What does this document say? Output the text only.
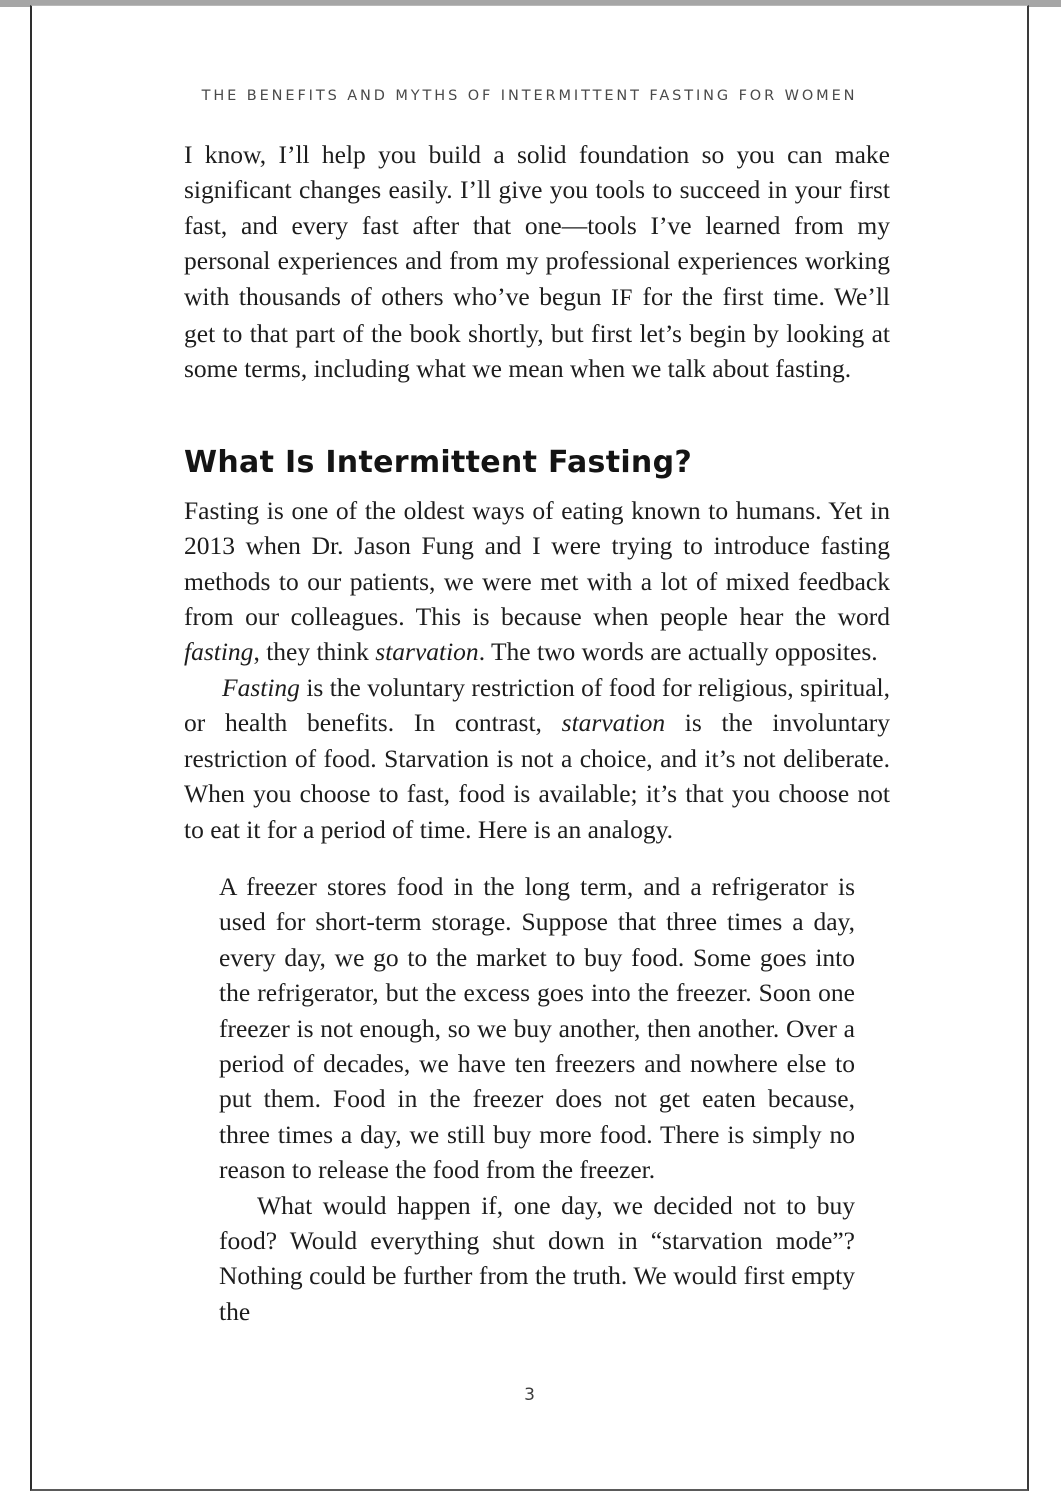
THE BENEFITS AND MYTHS OF INTERMITTENT FASTING FOR WOMEN

I know, I’ll help you build a solid foundation so you can make significant changes easily. I’ll give you tools to succeed in your first fast, and every fast after that one—tools I’ve learned from my personal experiences and from my professional experiences working with thousands of others who’ve begun IF for the first time. We’ll get to that part of the book shortly, but first let’s begin by looking at some terms, including what we mean when we talk about fasting.

What Is Intermittent Fasting?

Fasting is one of the oldest ways of eating known to humans. Yet in 2013 when Dr. Jason Fung and I were trying to introduce fasting methods to our patients, we were met with a lot of mixed feedback from our colleagues. This is because when people hear the word fasting, they think starvation. The two words are actually opposites.

Fasting is the voluntary restriction of food for religious, spiritual, or health benefits. In contrast, starvation is the involuntary restriction of food. Starvation is not a choice, and it’s not deliberate. When you choose to fast, food is available; it’s that you choose not to eat it for a period of time. Here is an analogy.

A freezer stores food in the long term, and a refrigerator is used for short-term storage. Suppose that three times a day, every day, we go to the market to buy food. Some goes into the refrigerator, but the excess goes into the freezer. Soon one freezer is not enough, so we buy another, then another. Over a period of decades, we have ten freezers and nowhere else to put them. Food in the freezer does not get eaten because, three times a day, we still buy more food. There is simply no reason to release the food from the freezer.

What would happen if, one day, we decided not to buy food? Would everything shut down in “starvation mode”? Nothing could be further from the truth. We would first empty the

3
